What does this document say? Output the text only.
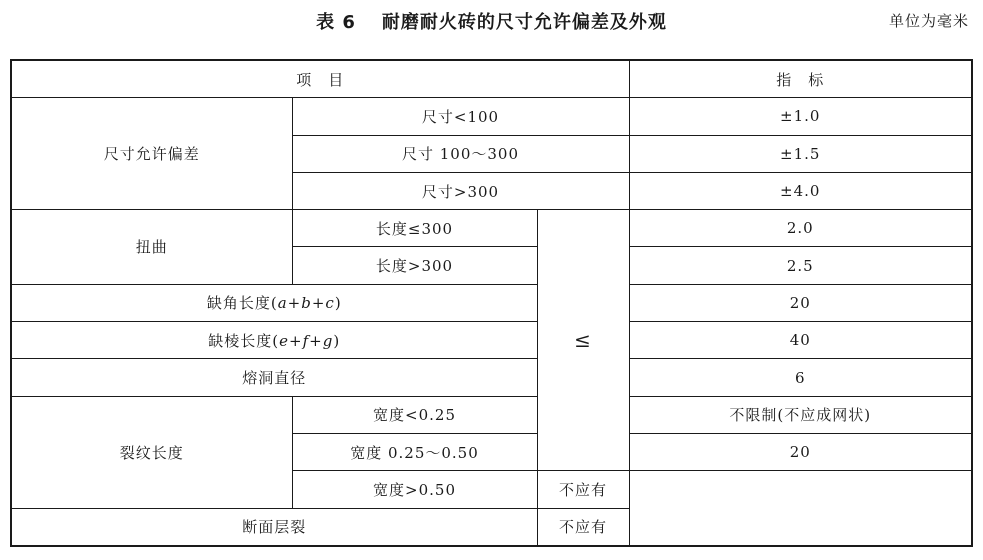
表 6 耐磨耐火砖的尺寸允许偏差及外观	单位为毫米
项　目			指　标
尺寸允许偏差	尺寸<100		±1.0
	尺寸 100～300		±1.5
	尺寸>300		±4.0
扭曲	长度≤300	≤	2.0
	长度>300		2.5
缺角长度(a+b+c)			20
缺棱长度(e+f+g)			40
熔洞直径			6
裂纹长度	宽度<0.25		不限制(不应成网状)
	宽度 0.25～0.50		20
	宽度>0.50	不应有	
断面层裂		不应有	
